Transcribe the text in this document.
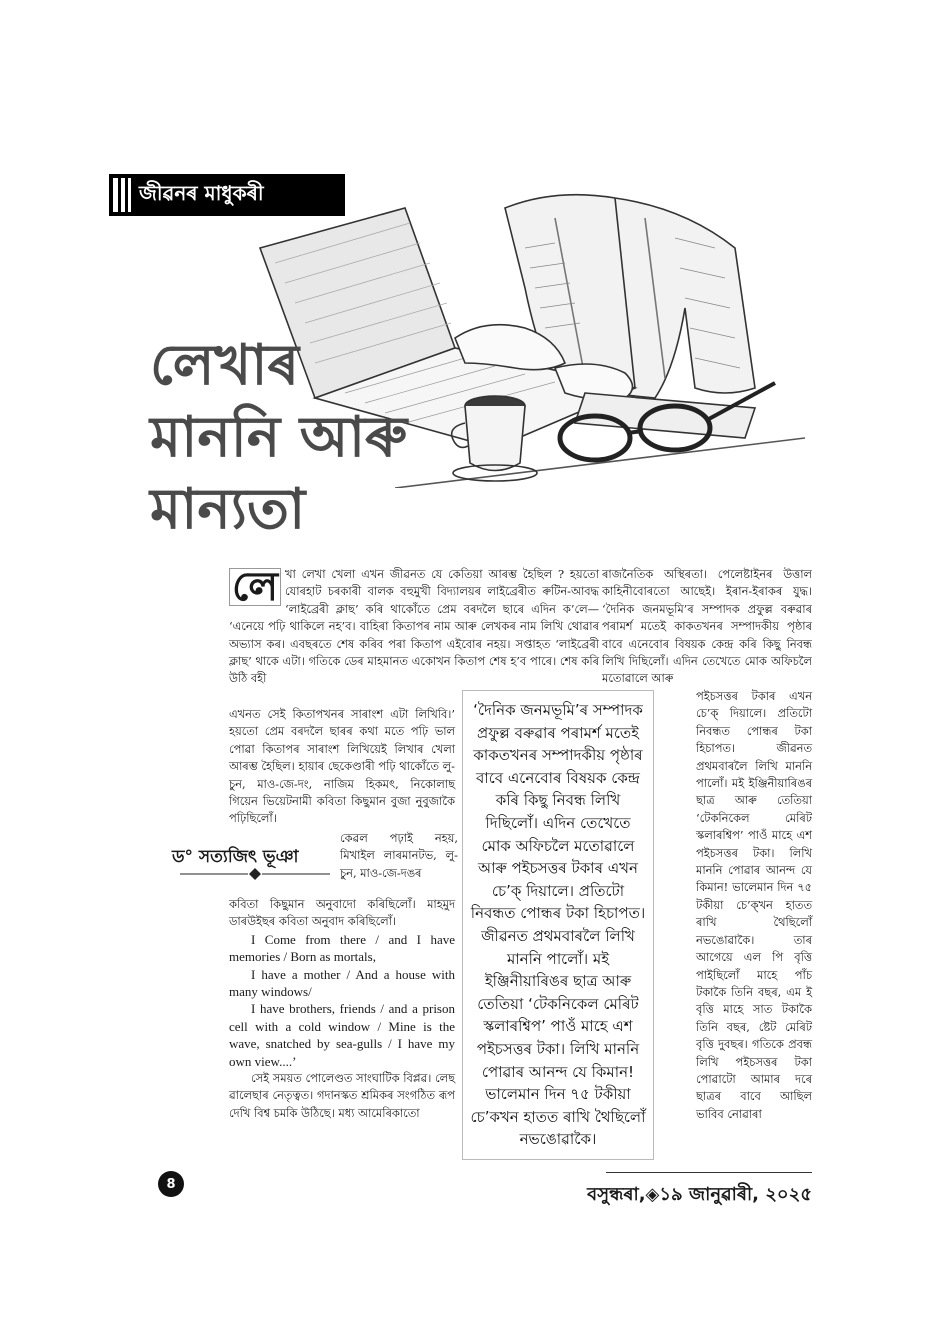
জীৱনৰ মাধুকৰী
লেখাৰ
মাননি আৰু
মান্যতা
লে খা লেখা খেলা এখন জীৱনত যে কেতিয়া আৰম্ভ হৈছিল ? হয়তো যোৰহাট চৰকাৰী বালক বহুমুখী বিদ্যালয়ৰ লাইব্ৰেৰীত ৰুটিন-আবদ্ধ ‘লাইব্ৰেৰী ক্লাছ’ কৰি থাকোঁতে প্ৰেম বৰদলৈ ছাৰে এদিন ক’লে— ‘এনেয়ে পঢ়ি থাকিলে নহ’ব। বাহিৰা কিতাপৰ নাম আৰু লেখকৰ নাম লিখি থোৱাৰ অভ্যাস কৰ। এবছৰতে শেষ কৰিব পৰা কিতাপ এইবোৰ নহয়। সপ্তাহত ‘লাইব্ৰেৰী ক্লাছ’ থাকে এটা। গতিকে ডেৰ মাহমানত একোখন কিতাপ শেষ হ’ব পাৰে। শেষ কৰি উঠি বহী
এখনত সেই কিতাপখনৰ সাৰাংশ এটা লিখিবি।’ হয়তো প্ৰেম বৰদলৈ ছাৰৰ কথা মতে পঢ়ি ভাল পোৱা কিতাপৰ সাৰাংশ লিখিয়েই লিখাৰ খেলা আৰম্ভ হৈছিল। হায়াৰ ছেকেণ্ডাৰী পঢ়ি থাকোঁতে লু-চুন, মাও-জে-দং, নাজিম হিকমৎ, নিকোলাছ গিয়েন ভিয়েটনামী কবিতা কিছুমান বুজা নুবুজাকৈ পঢ়িছিলোঁ।
ড° সত্যজিৎ ভূঞা
কেৱল পঢ়াই নহয়, মিখাইল লাৰমানটভ, লু-চুন, মাও-জে-দঙৰ

কবিতা কিছুমান অনুবাদো কৰিছিলোঁ। মাহমুদ ডাৰউইছৰ কবিতা অনুবাদ কৰিছিলোঁ।

I Come from there / and I have memories / Born as mortals,

I have a mother / And a house with many windows/

I have brothers, friends / and a prison cell with a cold window / Mine is the wave, snatched by sea-gulls / I have my own view....’

সেই সময়ত পোলেণ্ডত সাংঘাটিক বিপ্লৱ। লেছ ৱালেছাৰ নেতৃত্বত। গদানস্কত শ্ৰমিকৰ সংগঠিত ৰূপ দেখি বিশ্ব চমকি উঠিছে। মধ্য আমেৰিকাতো

‘দৈনিক জনমভূমি’ৰ সম্পাদক প্ৰফুল্ল বৰুৱাৰ পৰামৰ্শ মতেই কাকতখনৰ সম্পাদকীয় পৃষ্ঠাৰ বাবে এনেবোৰ বিষয়ক কেন্দ্ৰ কৰি কিছু নিবন্ধ লিখি দিছিলোঁ। এদিন তেখেতে মোক অফিচলৈ মতোৱালে আৰু পইচসত্তৰ টকাৰ এখন চে’ক্‌ দিয়ালে। প্ৰতিটো নিবন্ধত পোন্ধৰ টকা হিচাপত। জীৱনত প্ৰথমবাৰলৈ লিখি মাননি পালোঁ। মই ইঞ্জিনীয়াৰিঙৰ ছাত্ৰ আৰু তেতিয়া ‘টেকনিকেল মেৰিট স্কলাৰশ্বিপ’ পাওঁ মাহে এশ পইচসত্তৰ টকা। লিখি মাননি পোৱাৰ আনন্দ যে কিমান! ভালেমান দিন ৭৫ টকীয়া চে’কখন হাতত ৰাখি থৈছিলোঁ নভঙোৱাকৈ।
ৰাজনৈতিক অস্থিৰতা। পেলেষ্টাইনৰ উত্তাল কাহিনীবোৰতো আছেই। ইৰান-ইৰাকৰ যুদ্ধ। ‘দৈনিক জনমভূমি’ৰ সম্পাদক প্ৰফুল্ল বৰুৱাৰ পৰামৰ্শ মতেই কাকতখনৰ সম্পাদকীয় পৃষ্ঠাৰ বাবে এনেবোৰ বিষয়ক কেন্দ্ৰ কৰি কিছু নিবন্ধ লিখি দিছিলোঁ। এদিন তেখেতে মোক অফিচলৈ মতোৱালে আৰু
পইচসত্তৰ টকাৰ এখন চে’ক্‌ দিয়ালে। প্ৰতিটো নিবন্ধত পোন্ধৰ টকা হিচাপত। জীৱনত প্ৰথমবাৰলৈ লিখি মাননি পালোঁ। মই ইঞ্জিনীয়াৰিঙৰ ছাত্ৰ আৰু তেতিয়া ‘টেকনিকেল মেৰিট স্কলাৰশ্বিপ’ পাওঁ মাহে এশ পইচসত্তৰ টকা। লিখি মাননি পোৱাৰ আনন্দ যে কিমান! ভালেমান দিন ৭৫ টকীয়া চে’ক্‌খন হাতত ৰাখি থৈছিলোঁ নভঙোৱাকৈ। তাৰ আগেয়ে এল পি বৃত্তি পাইছিলোঁ মাহে পাঁচ টকাকৈ তিনি বছৰ, এম ই বৃত্তি মাহে সাত টকাকৈ তিনি বছৰ, ষ্টেট মেৰিট বৃত্তি দুবছৰ। গতিকে প্ৰবন্ধ লিখি পইচসত্তৰ টকা পোৱাটো আমাৰ দৰে ছাত্ৰৰ বাবে আছিল ভাবিব নোৱাৰা
8	বসুন্ধৰা,◈১৯ জানুৱাৰী, ২০২৫
